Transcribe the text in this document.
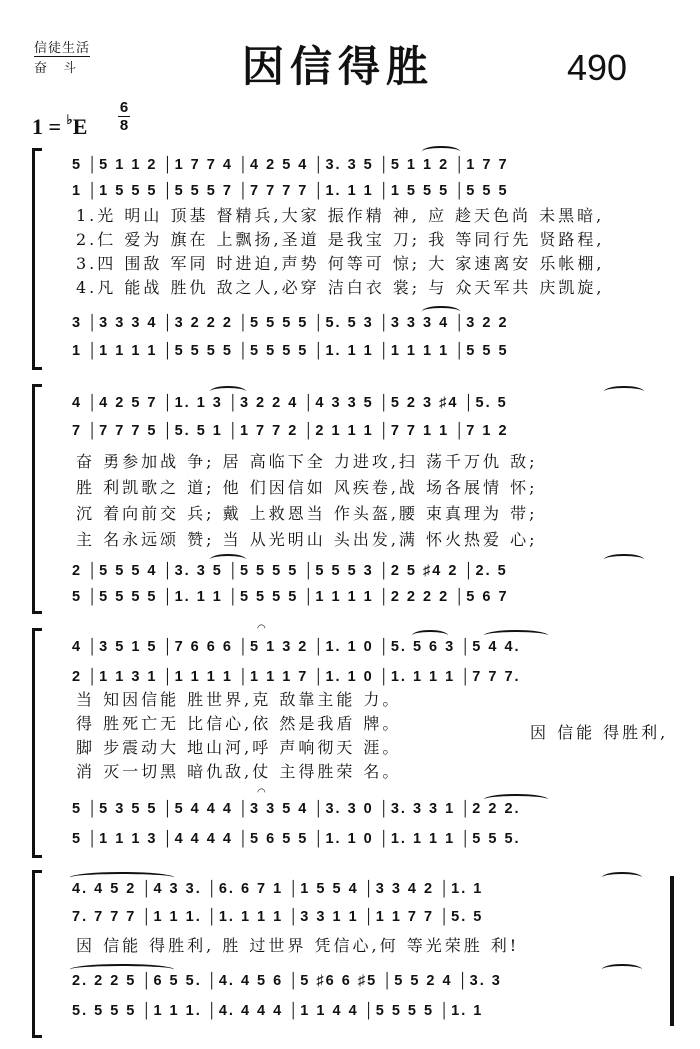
信徒生活
奋 斗	因信得胜	490
1 = ♭E
6
8
5 │5 1 1 2 │1 7 7 4 │4 2 5 4 │3. 3 5 │5 1 1 2 │1 7 7
1 │1 5 5 5 │5 5 5 7 │7 7 7 7 │1. 1 1 │1 5 5 5 │5 5 5
1.光 明山 顶基 督精兵,大家 振作精 神, 应 趁天色尚 未黑暗,
2.仁 爱为 旗在 上飘扬,圣道 是我宝 刀; 我 等同行先 贤路程,
3.四 围敌 军同 时进迫,声势 何等可 惊; 大 家速离安 乐帐棚,
4.凡 能战 胜仇 敌之人,必穿 洁白衣 裳; 与 众天军共 庆凯旋,
3 │3 3 3 4 │3 2 2 2 │5 5 5 5 │5. 5 3 │3 3 3 4 │3 2 2
1 │1 1 1 1 │5 5 5 5 │5 5 5 5 │1. 1 1 │1 1 1 1 │5 5 5
4 │4 2 5 7 │1. 1 3 │3 2 2 4 │4 3 3 5 │5 2 3 ♯4 │5. 5
7 │7 7 7 5 │5. 5 1 │1 7 7 2 │2 1 1 1 │7 7 1 1 │7 1 2
奋 勇参加战 争; 居 高临下全 力进攻,扫 荡千万仇 敌;
胜 利凯歌之 道; 他 们因信如 风疾卷,战 场各展情 怀;
沉 着向前交 兵; 戴 上救恩当 作头盔,腰 束真理为 带;
主 名永远颂 赞; 当 从光明山 头出发,满 怀火热爱 心;
2 │5 5 5 4 │3. 3 5 │5 5 5 5 │5 5 5 3 │2 5 ♯4 2 │2. 5
5 │5 5 5 5 │1. 1 1 │5 5 5 5 │1 1 1 1 │2 2 2 2 │5 6 7
4 │3 5 1 5 │7 6 6 6 │5 1 3 2 │1. 1 0 │5. 5 6 3 │5 4 4.
2 │1 1 3 1 │1 1 1 1 │1 1 1 7 │1. 1 0 │1. 1 1 1 │7 7 7.
当 知因信能 胜世界,克 敌靠主能 力。
得 胜死亡无 比信心,依 然是我盾 牌。
脚 步震动大 地山河,呼 声响彻天 涯。
消 灭一切黑 暗仇敌,仗 主得胜荣 名。
因 信能 得胜利,
5 │5 3 5 5 │5 4 4 4 │3 3 5 4 │3. 3 0 │3. 3 3 1 │2 2 2.
5 │1 1 1 3 │4 4 4 4 │5 6 5 5 │1. 1 0 │1. 1 1 1 │5 5 5.
◠
◠
4. 4 5 2 │4 3 3. │6. 6 7 1 │1 5 5 4 │3 3 4 2 │1. 1
7. 7 7 7 │1 1 1. │1. 1 1 1 │3 3 1 1 │1 1 7 7 │5. 5
因 信能 得胜利, 胜 过世界 凭信心,何 等光荣胜 利!
2. 2 2 5 │6 5 5. │4. 4 5 6 │5 ♯6 6 ♯5 │5 5 2 4 │3. 3
5. 5 5 5 │1 1 1. │4. 4 4 4 │1 1 4 4 │5 5 5 5 │1. 1
